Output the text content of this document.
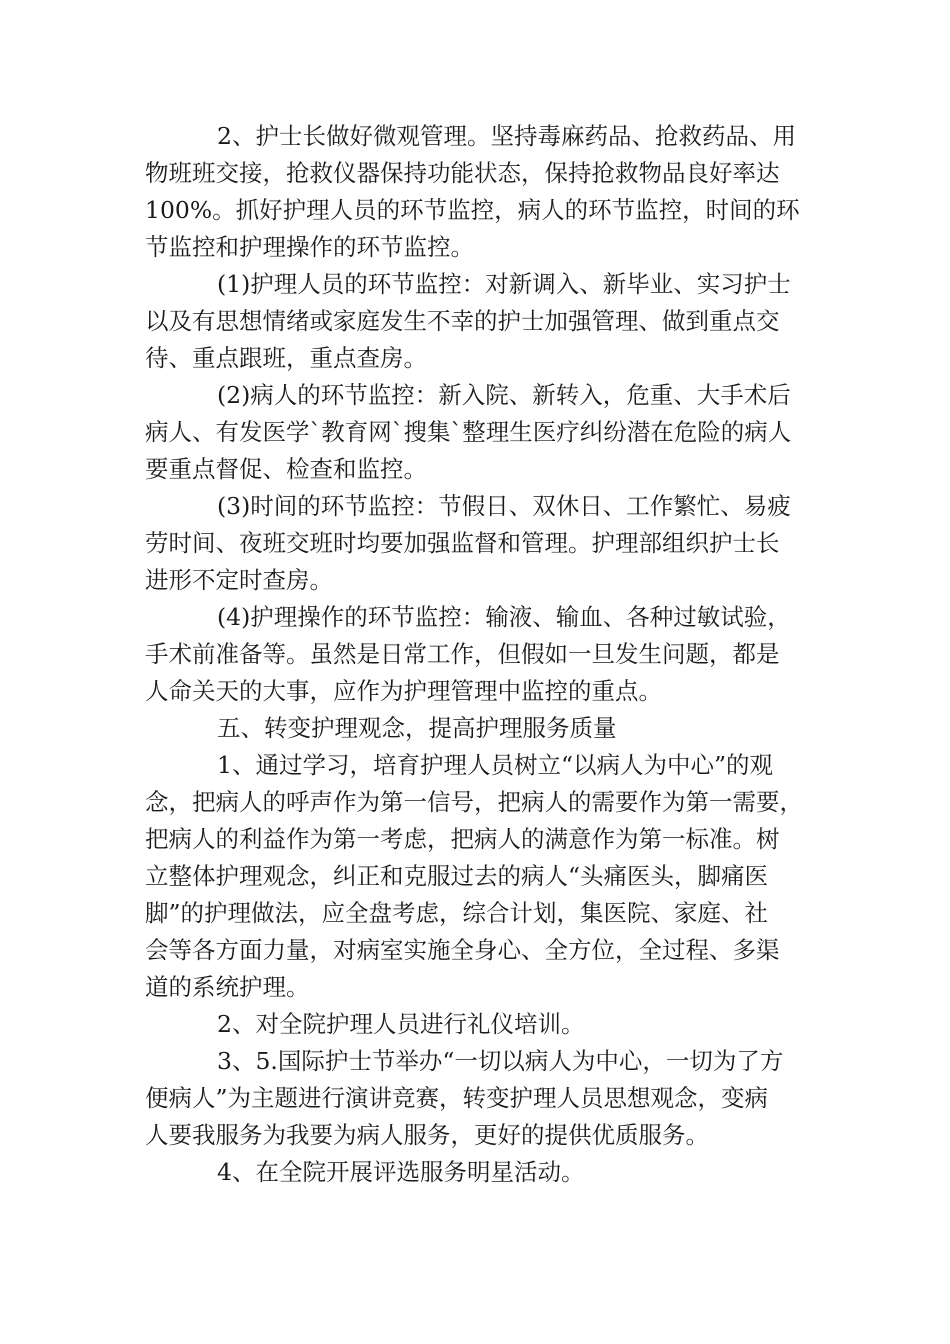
2、护士长做好微观管理。坚持毒麻药品、抢救药品、用
物班班交接，抢救仪器保持功能状态，保持抢救物品良好率达
100%。抓好护理人员的环节监控，病人的环节监控，时间的环
节监控和护理操作的环节监控。
(1)护理人员的环节监控：对新调入、新毕业、实习护士
以及有思想情绪或家庭发生不幸的护士加强管理、做到重点交
待、重点跟班，重点查房。
(2)病人的环节监控：新入院、新转入，危重、大手术后
病人、有发医学`教育网`搜集`整理生医疗纠纷潜在危险的病人
要重点督促、检查和监控。
(3)时间的环节监控：节假日、双休日、工作繁忙、易疲
劳时间、夜班交班时均要加强监督和管理。护理部组织护士长
进形不定时查房。
(4)护理操作的环节监控：输液、输血、各种过敏试验，
手术前准备等。虽然是日常工作，但假如一旦发生问题，都是
人命关天的大事，应作为护理管理中监控的重点。
五、转变护理观念，提高护理服务质量
1、通过学习，培育护理人员树立“以病人为中心”的观
念，把病人的呼声作为第一信号，把病人的需要作为第一需要，
把病人的利益作为第一考虑，把病人的满意作为第一标准。树
立整体护理观念，纠正和克服过去的病人“头痛医头，脚痛医
脚”的护理做法，应全盘考虑，综合计划，集医院、家庭、社
会等各方面力量，对病室实施全身心、全方位，全过程、多渠
道的系统护理。
2、对全院护理人员进行礼仪培训。
3、5.国际护士节举办“一切以病人为中心，一切为了方
便病人”为主题进行演讲竞赛，转变护理人员思想观念，变病
人要我服务为我要为病人服务，更好的提供优质服务。
4、在全院开展评选服务明星活动。
